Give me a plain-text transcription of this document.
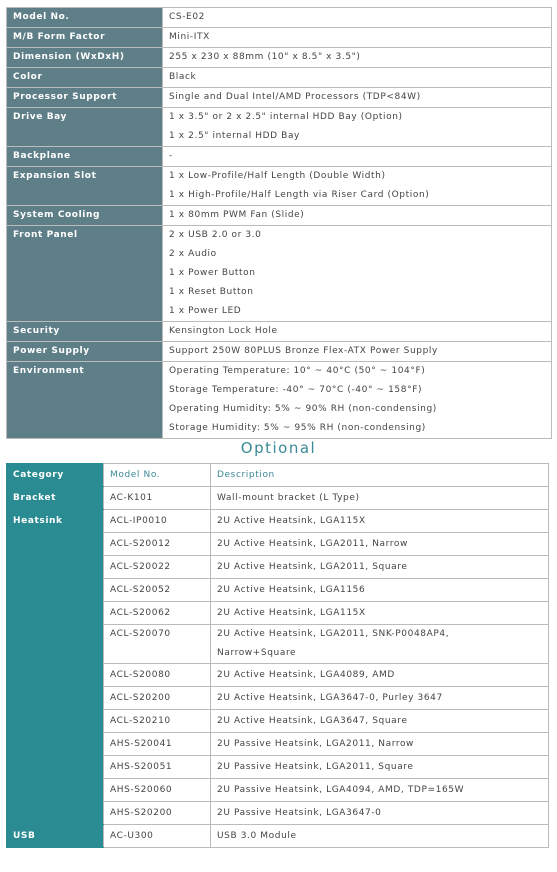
Model No.	CS-E02

M/B Form Factor	Mini-ITX

Dimension (WxDxH)	255 x 230 x 88mm (10" x 8.5" x 3.5")

Color	Black

Processor Support	Single and Dual Intel/AMD Processors (TDP<84W)

Drive Bay	1 x 3.5" or 2 x 2.5" internal HDD Bay (Option)
1 x 2.5" internal HDD Bay

Backplane	-

Expansion Slot	1 x Low-Profile/Half Length (Double Width)
1 x High-Profile/Half Length via Riser Card (Option)

System Cooling	1 x 80mm PWM Fan (Slide)

Front Panel	2 x USB 2.0 or 3.0
2 x Audio
1 x Power Button
1 x Reset Button
1 x Power LED

Security	Kensington Lock Hole

Power Supply	Support 250W 80PLUS Bronze Flex-ATX Power Supply

Environment	Operating Temperature: 10° ~ 40°C (50° ~ 104°F)
Storage Temperature: -40° ~ 70°C (-40° ~ 158°F)
Operating Humidity: 5% ~ 90% RH (non-condensing)
Storage Humidity: 5% ~ 95% RH (non-condensing)
Optional
Category	Model No.	Description

Bracket	AC-K101	Wall-mount bracket (L Type)

Heatsink	ACL-IP0010	2U Active Heatsink, LGA115X

	ACL-S20012	2U Active Heatsink, LGA2011, Narrow

	ACL-S20022	2U Active Heatsink, LGA2011, Square

	ACL-S20052	2U Active Heatsink, LGA1156

	ACL-S20062	2U Active Heatsink, LGA115X

	ACL-S20070	2U Active Heatsink, LGA2011, SNK-P0048AP4,
Narrow+Square

	ACL-S20080	2U Active Heatsink, LGA4089, AMD

	ACL-S20200	2U Active Heatsink, LGA3647-0, Purley 3647

	ACL-S20210	2U Active Heatsink, LGA3647, Square

	AHS-S20041	2U Passive Heatsink, LGA2011, Narrow

	AHS-S20051	2U Passive Heatsink, LGA2011, Square

	AHS-S20060	2U Passive Heatsink, LGA4094, AMD, TDP=165W

	AHS-S20200	2U Passive Heatsink, LGA3647-0

USB	AC-U300	USB 3.0 Module
